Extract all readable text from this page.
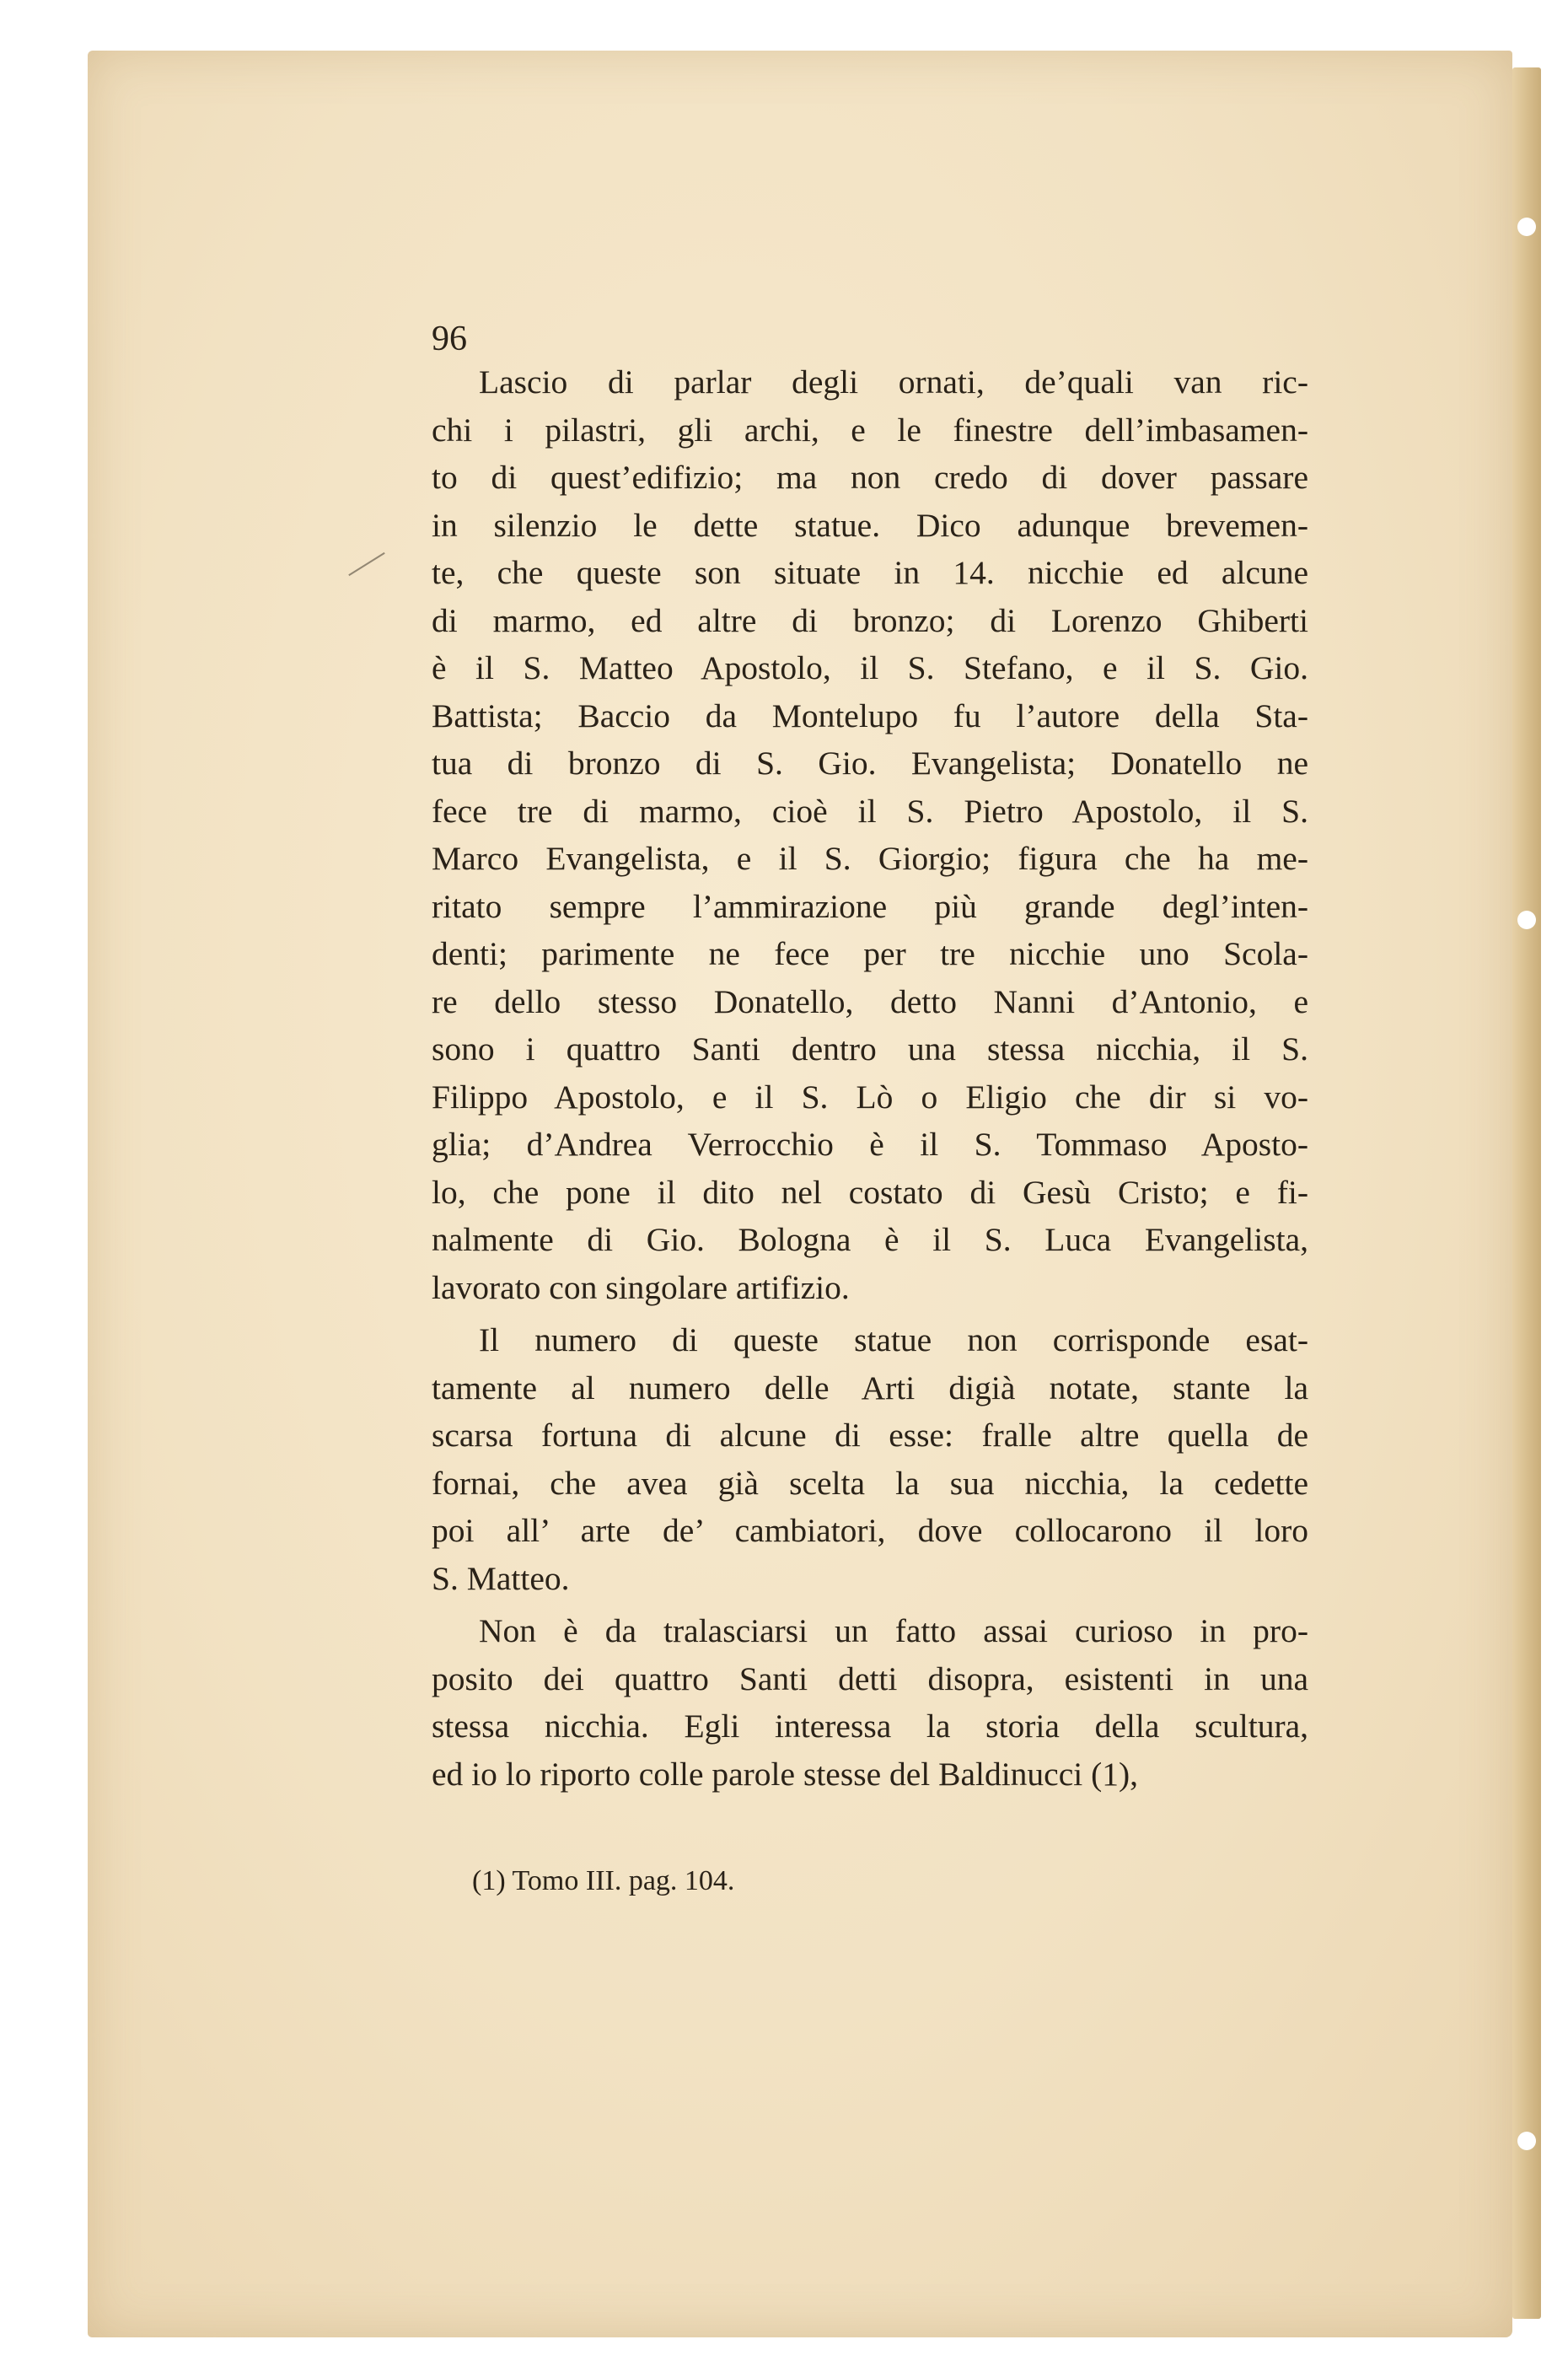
96
Lascio di parlar degli ornati, de’quali van ric-
chi i pilastri, gli archi, e le finestre dell’imbasamen-
to di quest’edifizio; ma non credo di dover passare
in silenzio le dette statue. Dico adunque brevemen-
te, che queste son situate in 14. nicchie ed alcune
di marmo, ed altre di bronzo; di Lorenzo Ghiberti
è il S. Matteo Apostolo, il S. Stefano, e il S. Gio.
Battista; Baccio da Montelupo fu l’autore della Sta-
tua di bronzo di S. Gio. Evangelista; Donatello ne
fece tre di marmo, cioè il S. Pietro Apostolo, il S.
Marco Evangelista, e il S. Giorgio; figura che ha me-
ritato sempre l’ammirazione più grande degl’inten-
denti; parimente ne fece per tre nicchie uno Scola-
re dello stesso Donatello, detto Nanni d’Antonio, e
sono i quattro Santi dentro una stessa nicchia, il S.
Filippo Apostolo, e il S. Lò o Eligio che dir si vo-
glia; d’Andrea Verrocchio è il S. Tommaso Aposto-
lo, che pone il dito nel costato di Gesù Cristo; e fi-
nalmente di Gio. Bologna è il S. Luca Evangelista,
lavorato con singolare artifizio.
Il numero di queste statue non corrisponde esat-
tamente al numero delle Arti digià notate, stante la
scarsa fortuna di alcune di esse: fralle altre quella de
fornai, che avea già scelta la sua nicchia, la cedette
poi all’ arte de’ cambiatori, dove collocarono il loro
S. Matteo.
Non è da tralasciarsi un fatto assai curioso in pro-
posito dei quattro Santi detti disopra, esistenti in una
stessa nicchia. Egli interessa la storia della scultura,
ed io lo riporto colle parole stesse del Baldinucci (1),
(1) Tomo III. pag. 104.
